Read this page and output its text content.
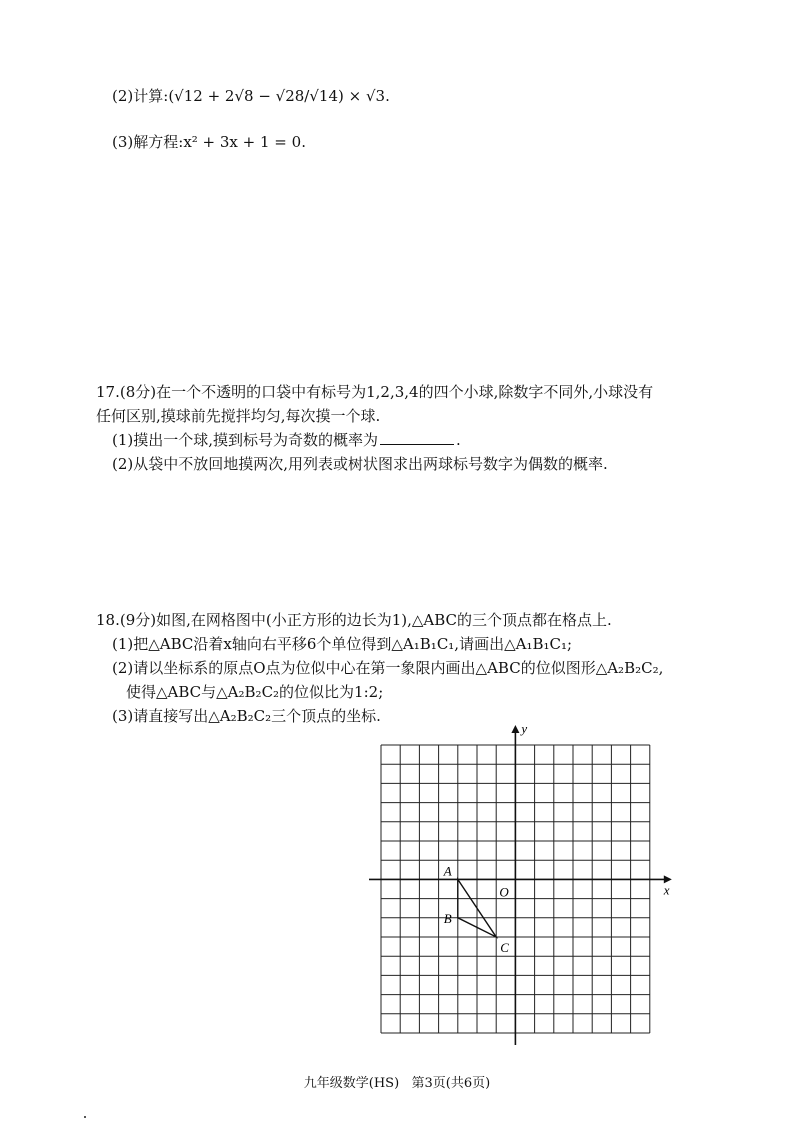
(2)计算:(√12 + 2√8 − √28/√14) × √3.
(3)解方程:x² + 3x + 1 = 0.
17.(8分)在一个不透明的口袋中有标号为1,2,3,4的四个小球,除数字不同外,小球没有
任何区别,摸球前先搅拌均匀,每次摸一个球.
(1)摸出一个球,摸到标号为奇数的概率为	.
(2)从袋中不放回地摸两次,用列表或树状图求出两球标号数字为偶数的概率.
18.(9分)如图,在网格图中(小正方形的边长为1),△ABC的三个顶点都在格点上.
(1)把△ABC沿着x轴向右平移6个单位得到△A₁B₁C₁,请画出△A₁B₁C₁;
(2)请以坐标系的原点O点为位似中心在第一象限内画出△ABC的位似图形△A₂B₂C₂,
使得△ABC与△A₂B₂C₂的位似比为1:2;
(3)请直接写出△A₂B₂C₂三个顶点的坐标.
A
B
C
O	x
y
九年级数学(HS)   第3页(共6页)
